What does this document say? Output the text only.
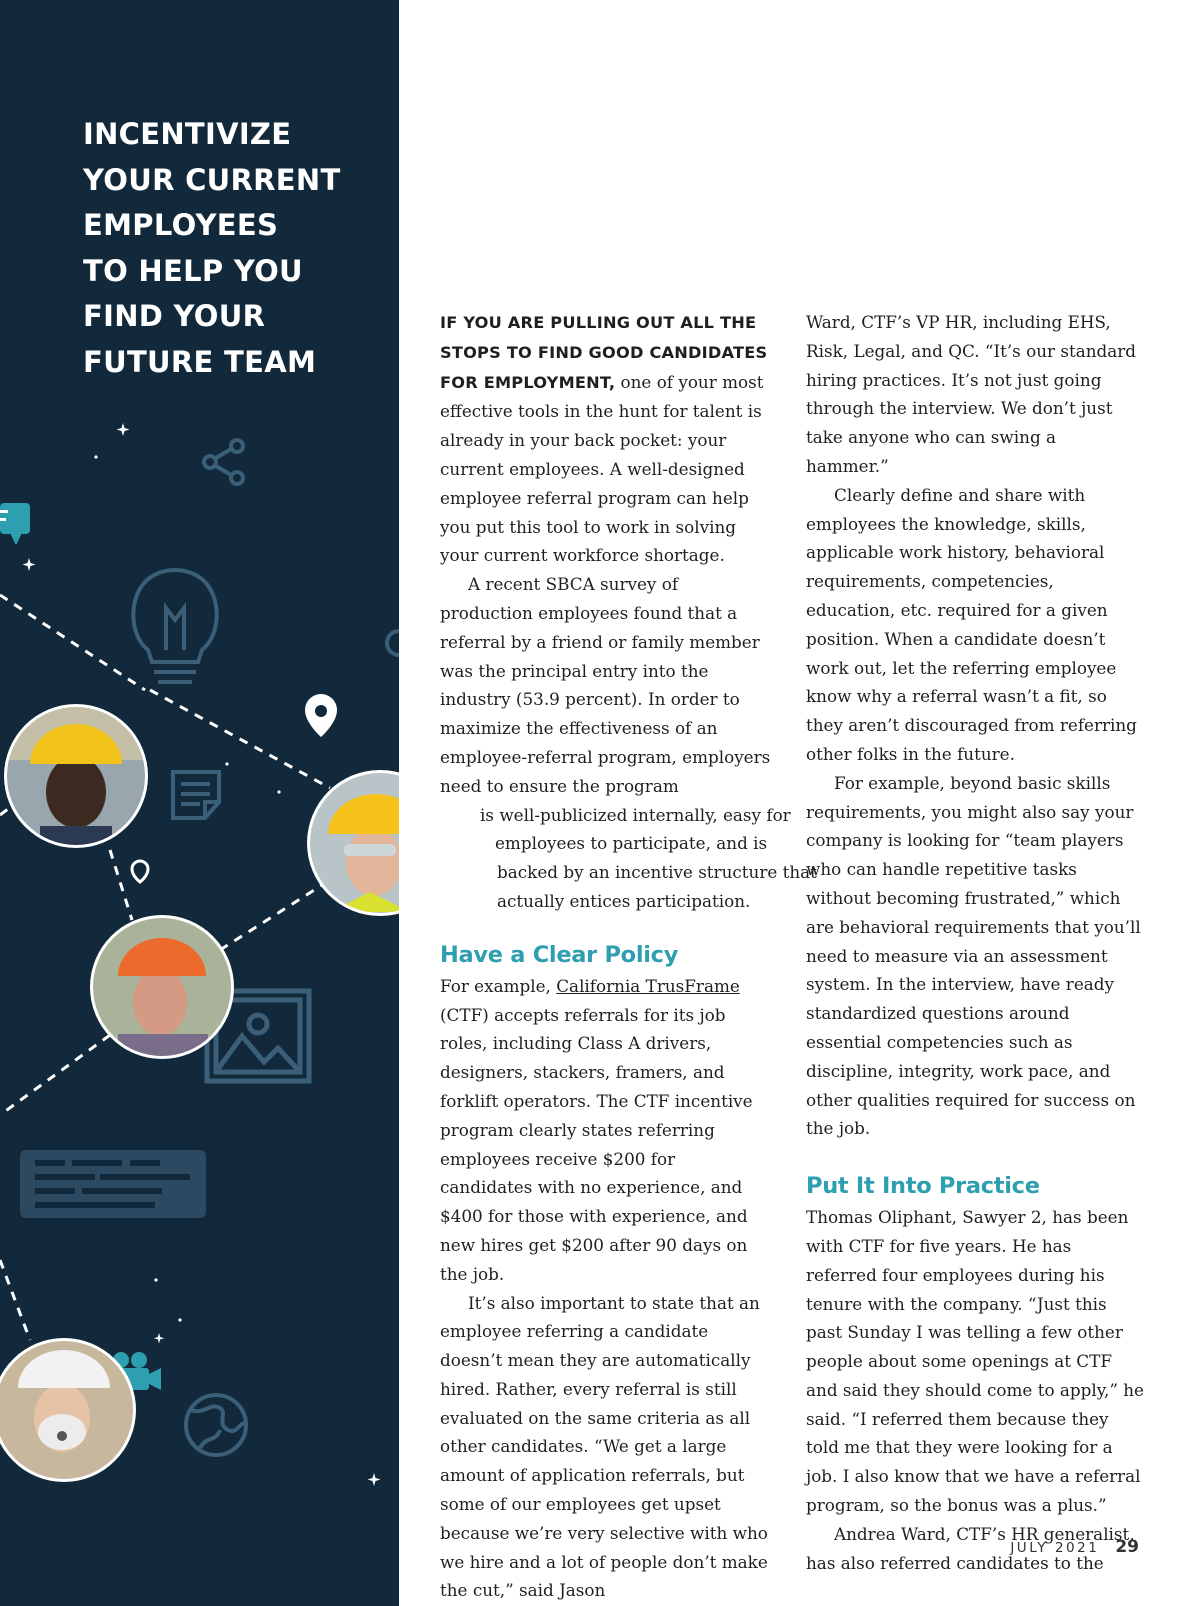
INCENTIVIZE
YOUR CURRENT
EMPLOYEES
TO HELP YOU
FIND YOUR
FUTURE TEAM

IF YOU ARE PULLING OUT ALL THE STOPS TO FIND GOOD CANDIDATES FOR EMPLOYMENT, one of your most effective tools in the hunt for talent is already in your back pocket: your current employees. A well-designed employee referral program can help you put this tool to work in solving your current workforce shortage.

A recent SBCA survey of production employees found that a referral by a friend or family member was the principal entry into the industry (53.9 percent). In order to maximize the effectiveness of an employee-referral program, employers need to ensure the program
is well-publicized internally, easy for
employees to participate, and is
backed by an incentive structure that
actually entices participation.

Have a Clear Policy

For example, California TrusFrame (CTF) accepts referrals for its job roles, including Class A drivers, designers, stackers, framers, and forklift operators. The CTF incentive program clearly states referring employees receive $200 for candidates with no experience, and $400 for those with experience, and new hires get $200 after 90 days on the job.

It’s also important to state that an employee referring a candidate doesn’t mean they are automatically hired. Rather, every referral is still evaluated on the same criteria as all other candidates. “We get a large amount of application referrals, but some of our employees get upset because we’re very selective with who we hire and a lot of people don’t make the cut,” said Jason

Ward, CTF’s VP HR, including EHS, Risk, Legal, and QC. “It’s our standard hiring practices. It’s not just going through the interview. We don’t just take anyone who can swing a hammer.”

Clearly define and share with employees the knowledge, skills, applicable work history, behavioral requirements, competencies, education, etc. required for a given position. When a candidate doesn’t work out, let the referring employee know why a referral wasn’t a fit, so they aren’t discouraged from referring other folks in the future.

For example, beyond basic skills requirements, you might also say your company is looking for “team players who can handle repetitive tasks without becoming frustrated,” which are behavioral requirements that you’ll need to measure via an assessment system. In the interview, have ready standardized questions around essential competencies such as discipline, integrity, work pace, and other qualities required for success on the job.

Put It Into Practice

Thomas Oliphant, Sawyer 2, has been with CTF for five years. He has referred four employees during his tenure with the company. “Just this past Sunday I was telling a few other people about some openings at CTF and said they should come to apply,” he said. “I referred them because they told me that they were looking for a job. I also know that we have a referral program, so the bonus was a plus.”

Andrea Ward, CTF’s HR generalist, has also referred candidates to the

JULY 2021 29
